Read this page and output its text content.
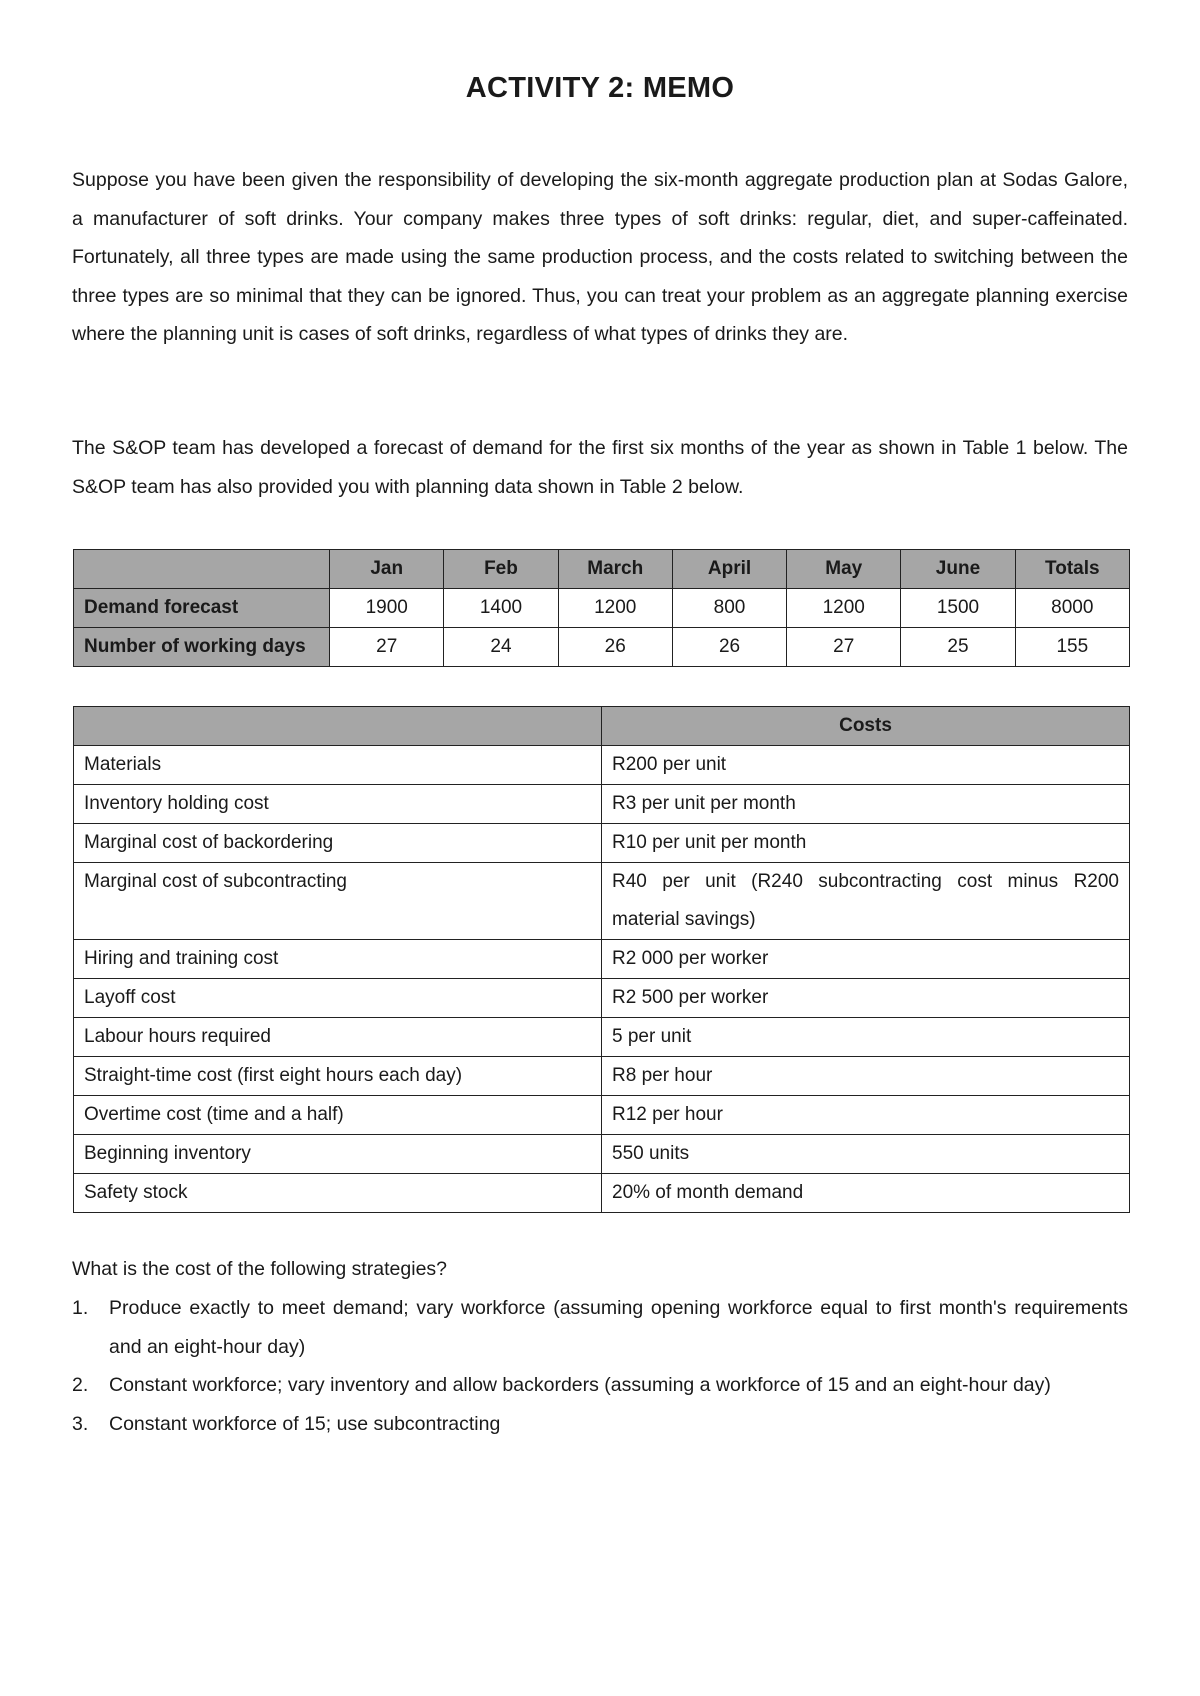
ACTIVITY 2: MEMO

Suppose you have been given the responsibility of developing the six-month aggregate production plan at Sodas Galore, a manufacturer of soft drinks. Your company makes three types of soft drinks: regular, diet, and super-caffeinated. Fortunately, all three types are made using the same production process, and the costs related to switching between the three types are so minimal that they can be ignored. Thus, you can treat your problem as an aggregate planning exercise where the planning unit is cases of soft drinks, regardless of what types of drinks they are.

The S&OP team has developed a forecast of demand for the first six months of the year as shown in Table 1 below. The S&OP team has also provided you with planning data shown in Table 2 below.

	Jan	Feb	March	April	May	June	Totals
Demand forecast	1900	1400	1200	800	1200	1500	8000
Number of working days	27	24	26	26	27	25	155
	Costs
Materials	R200 per unit
Inventory holding cost	R3 per unit per month
Marginal cost of backordering	R10 per unit per month
Marginal cost of subcontracting	R40 per unit (R240 subcontracting cost minus R200 material savings)
Hiring and training cost	R2 000 per worker
Layoff cost	R2 500 per worker
Labour hours required	5 per unit
Straight-time cost (first eight hours each day)	R8 per hour
Overtime cost (time and a half)	R12 per hour
Beginning inventory	550 units
Safety stock	20% of month demand
What is the cost of the following strategies?
1. Produce exactly to meet demand; vary workforce (assuming opening workforce equal to first month's requirements and an eight-hour day)
2. Constant workforce; vary inventory and allow backorders (assuming a workforce of 15 and an eight-hour day)
3. Constant workforce of 15; use subcontracting
